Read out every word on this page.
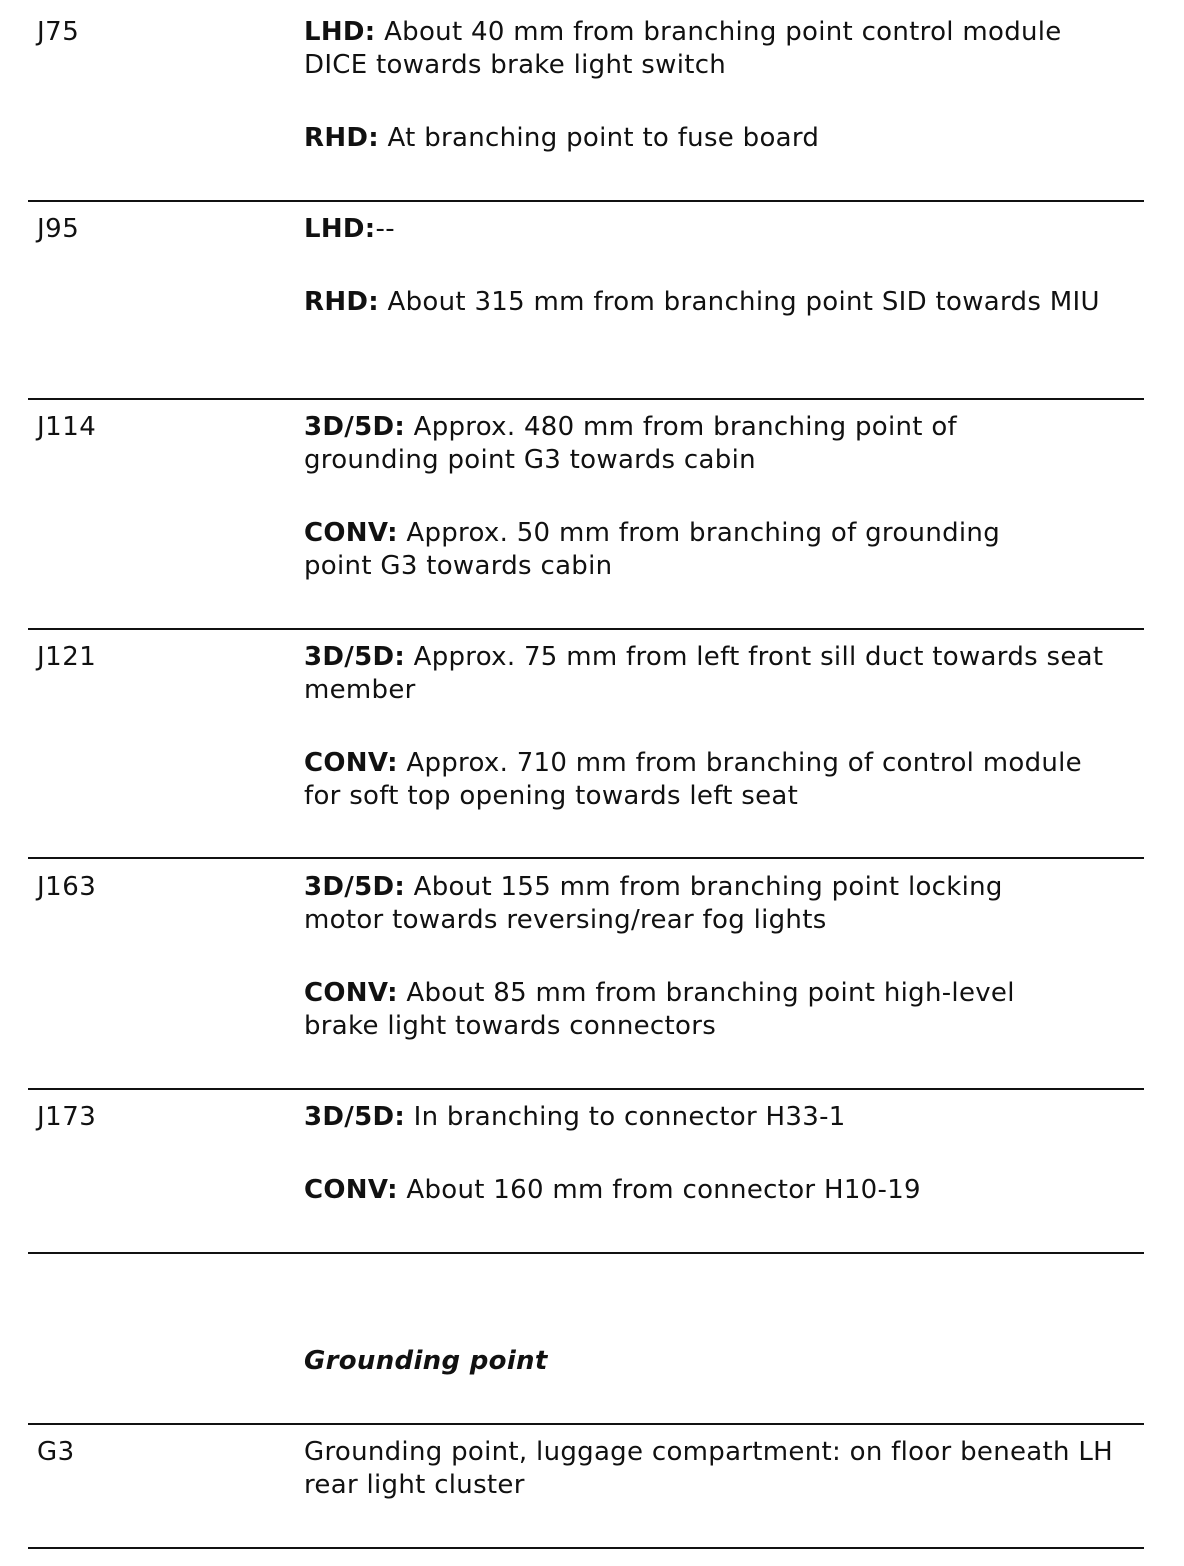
J75	LHD: About 40 mm from branching point control module DICE towards brake light switch

RHD: At branching point to fuse board

J95	LHD:--

RHD: About 315 mm from branching point SID towards MIU

J114	3D/5D: Approx. 480 mm from branching point of grounding point G3 towards cabin

CONV: Approx. 50 mm from branching of grounding point G3 towards cabin

J121	3D/5D: Approx. 75 mm from left front sill duct towards seat member

CONV: Approx. 710 mm from branching of control module for soft top opening towards left seat

J163	3D/5D: About 155 mm from branching point locking motor towards reversing/rear fog lights

CONV: About 85 mm from branching point high-level brake light towards connectors

J173	3D/5D: In branching to connector H33-1

CONV: About 160 mm from connector H10-19

Grounding point
G3	Grounding point, luggage compartment: on floor beneath LH rear light cluster
